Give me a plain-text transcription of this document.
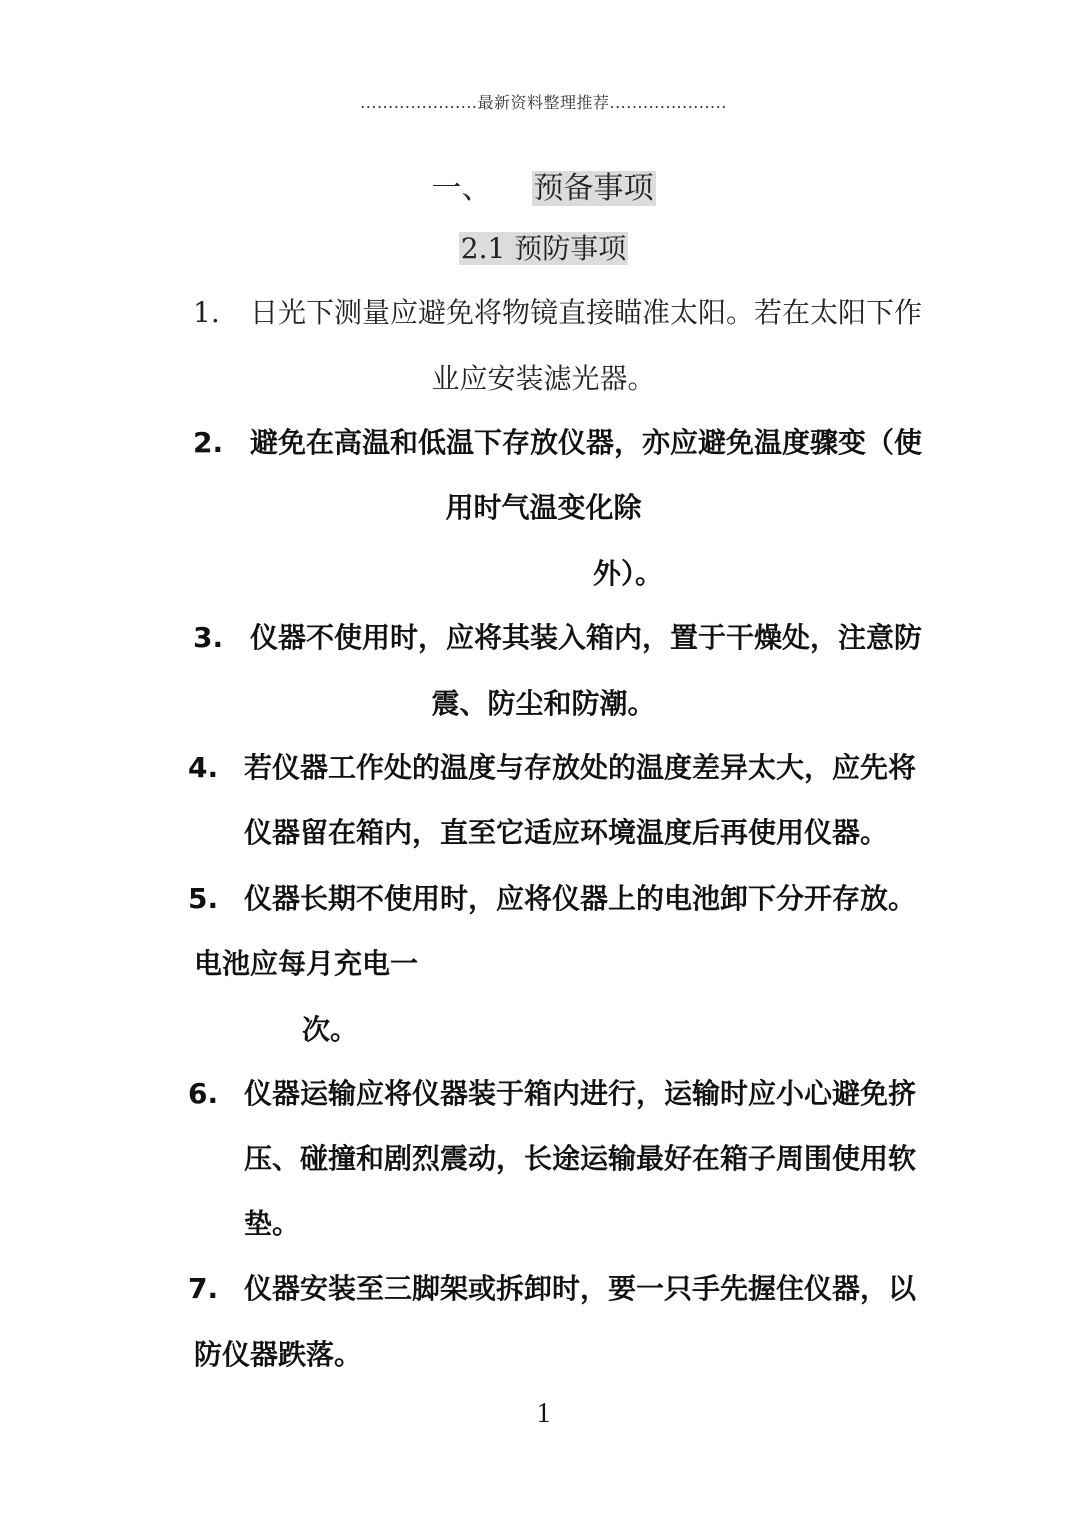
.....................最新资料整理推荐.....................
一、 预备事项
2.1 预防事项
1. 日光下测量应避免将物镜直接瞄准太阳。若在太阳下作
业应安装滤光器。
2. 避免在高温和低温下存放仪器，亦应避免温度骤变（使
用时气温变化除
外）。
3. 仪器不使用时，应将其装入箱内，置于干燥处，注意防
震、防尘和防潮。
4. 若仪器工作处的温度与存放处的温度差异太大，应先将
仪器留在箱内，直至它适应环境温度后再使用仪器。
5. 仪器长期不使用时，应将仪器上的电池卸下分开存放。
电池应每月充电一
次。
6. 仪器运输应将仪器装于箱内进行，运输时应小心避免挤
压、碰撞和剧烈震动，长途运输最好在箱子周围使用软
垫。
7. 仪器安装至三脚架或拆卸时，要一只手先握住仪器，以
防仪器跌落。
1
